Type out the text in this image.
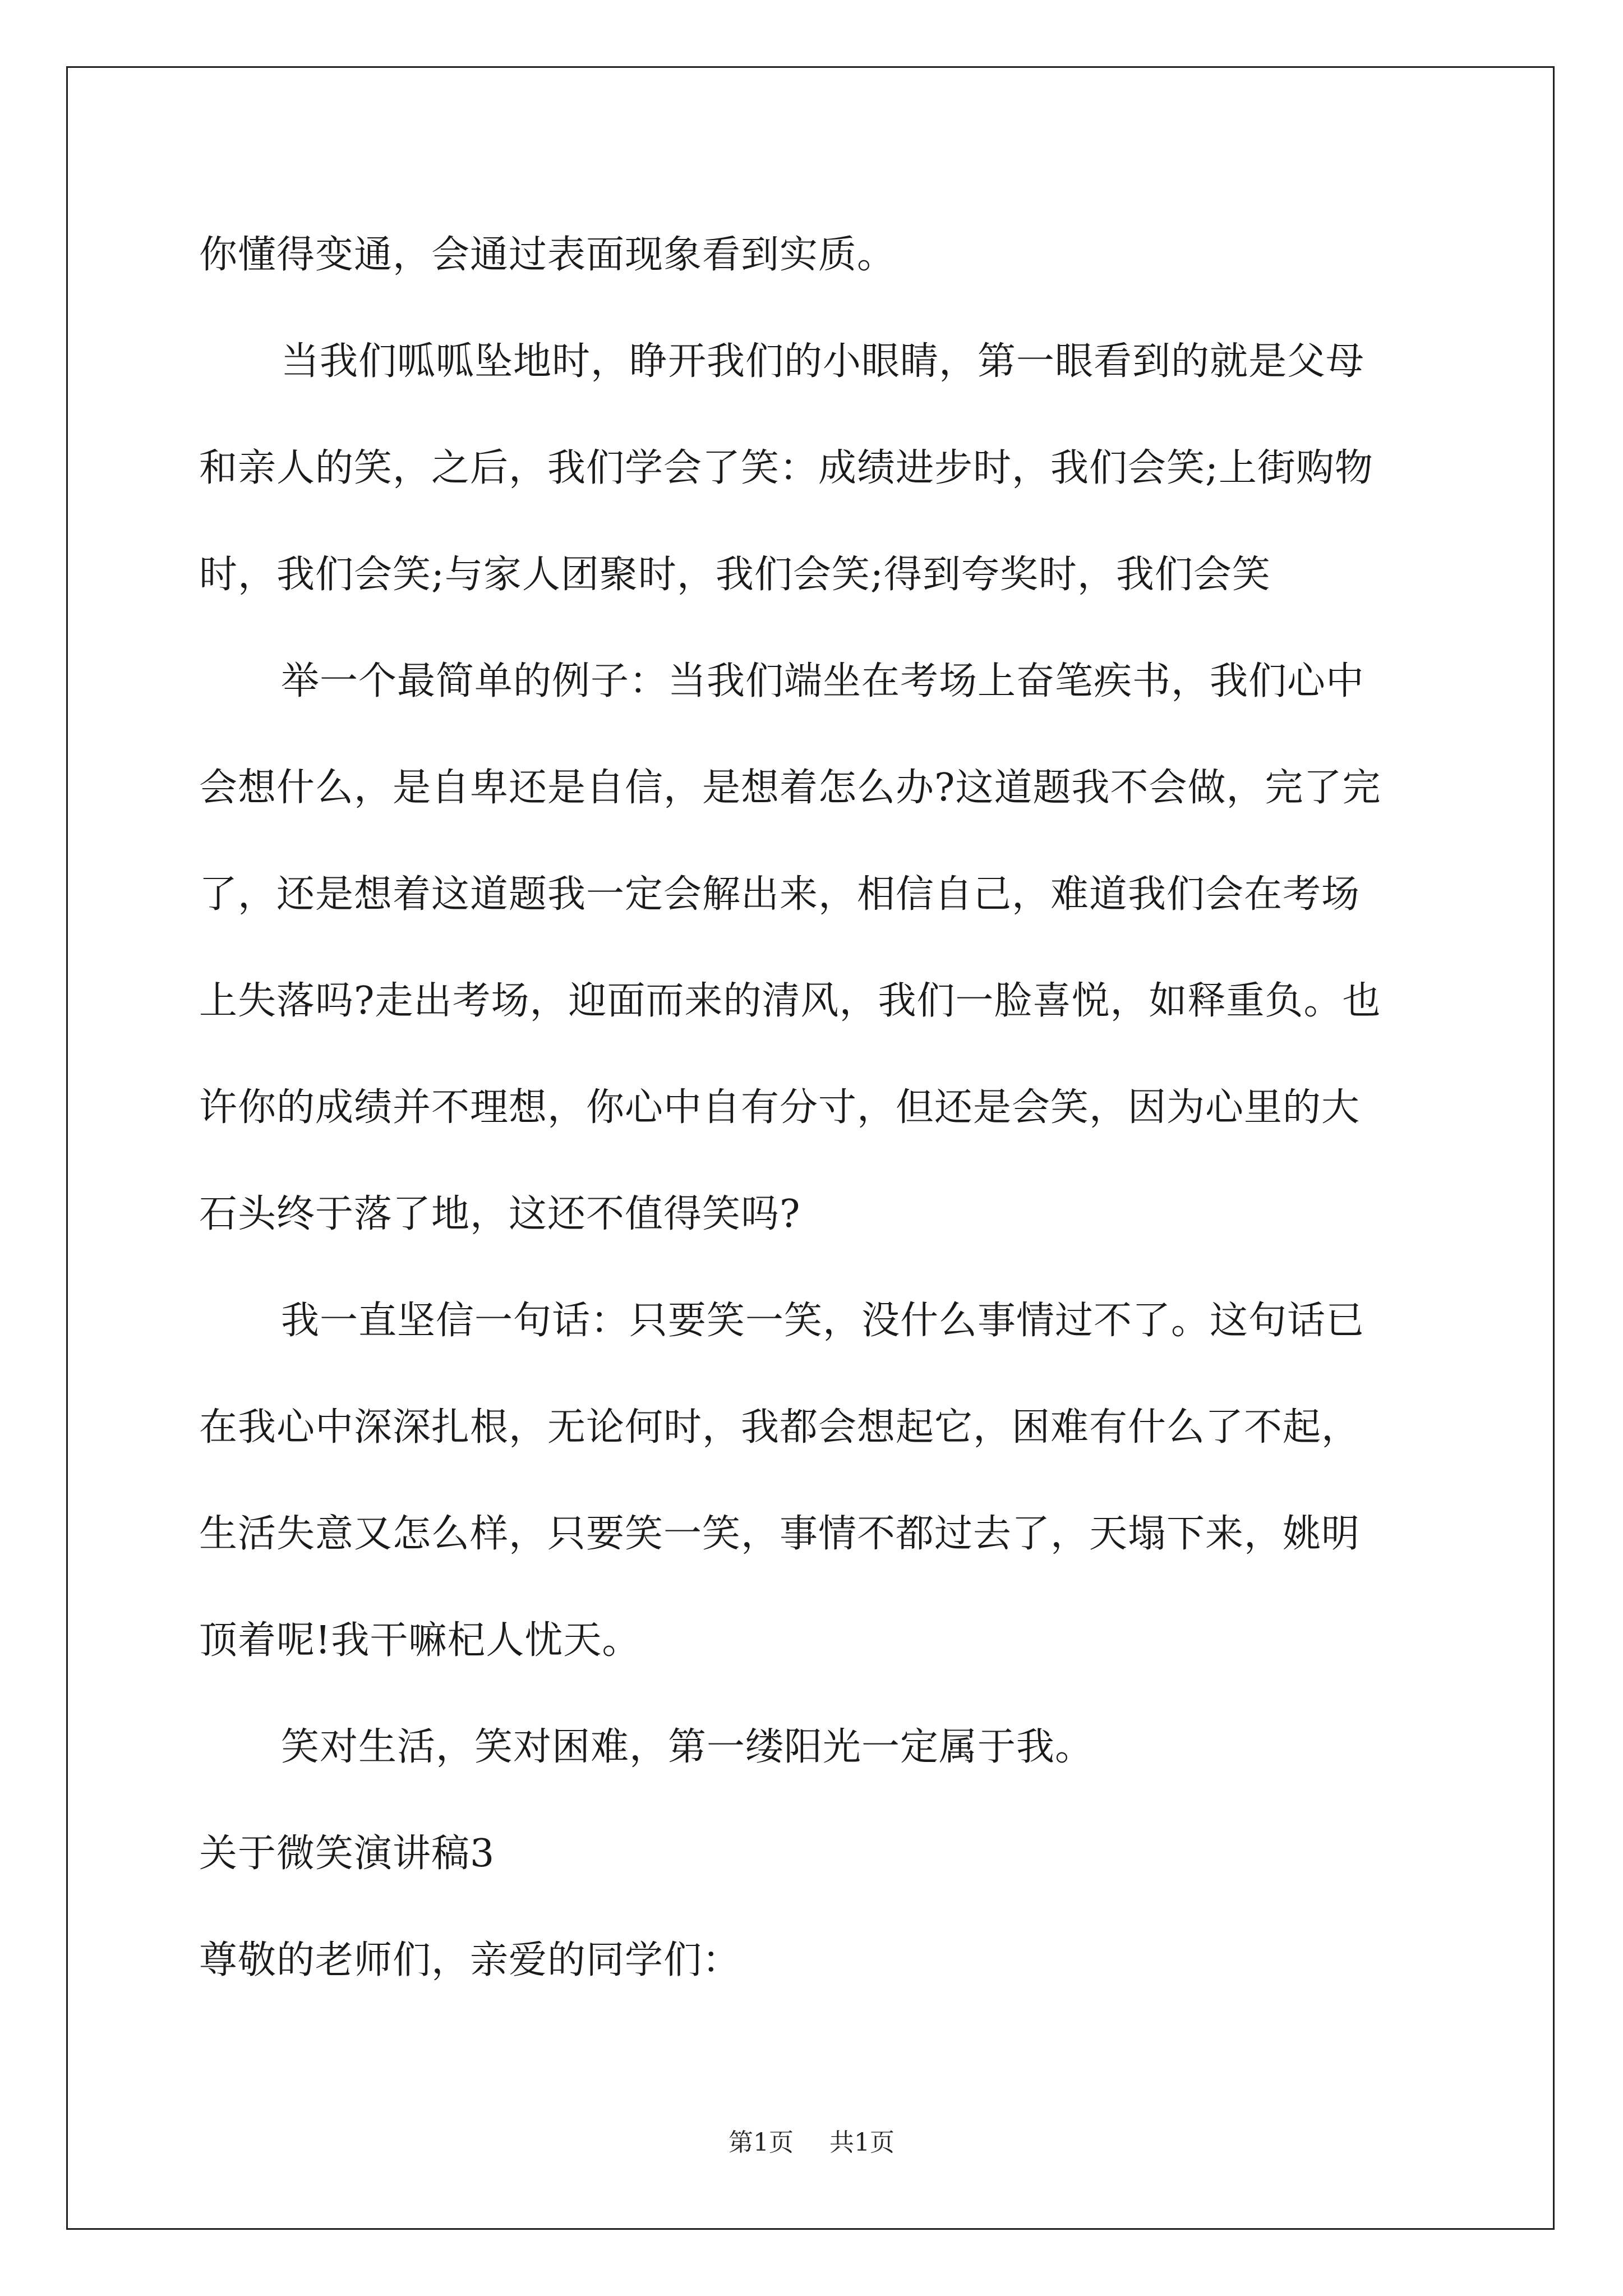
你懂得变通，会通过表面现象看到实质。
当我们呱呱坠地时，睁开我们的小眼睛，第一眼看到的就是父母
和亲人的笑，之后，我们学会了笑：成绩进步时，我们会笑;上街购物
时，我们会笑;与家人团聚时，我们会笑;得到夸奖时，我们会笑
举一个最简单的例子：当我们端坐在考场上奋笔疾书，我们心中
会想什么，是自卑还是自信，是想着怎么办?这道题我不会做，完了完
了，还是想着这道题我一定会解出来，相信自己，难道我们会在考场
上失落吗?走出考场，迎面而来的清风，我们一脸喜悦，如释重负。也
许你的成绩并不理想，你心中自有分寸，但还是会笑，因为心里的大
石头终于落了地，这还不值得笑吗?
我一直坚信一句话：只要笑一笑，没什么事情过不了。这句话已
在我心中深深扎根，无论何时，我都会想起它，困难有什么了不起，
生活失意又怎么样，只要笑一笑，事情不都过去了，天塌下来，姚明
顶着呢!我干嘛杞人忧天。
笑对生活，笑对困难，第一缕阳光一定属于我。
关于微笑演讲稿3
尊敬的老师们，亲爱的同学们：
第1页 共1页
